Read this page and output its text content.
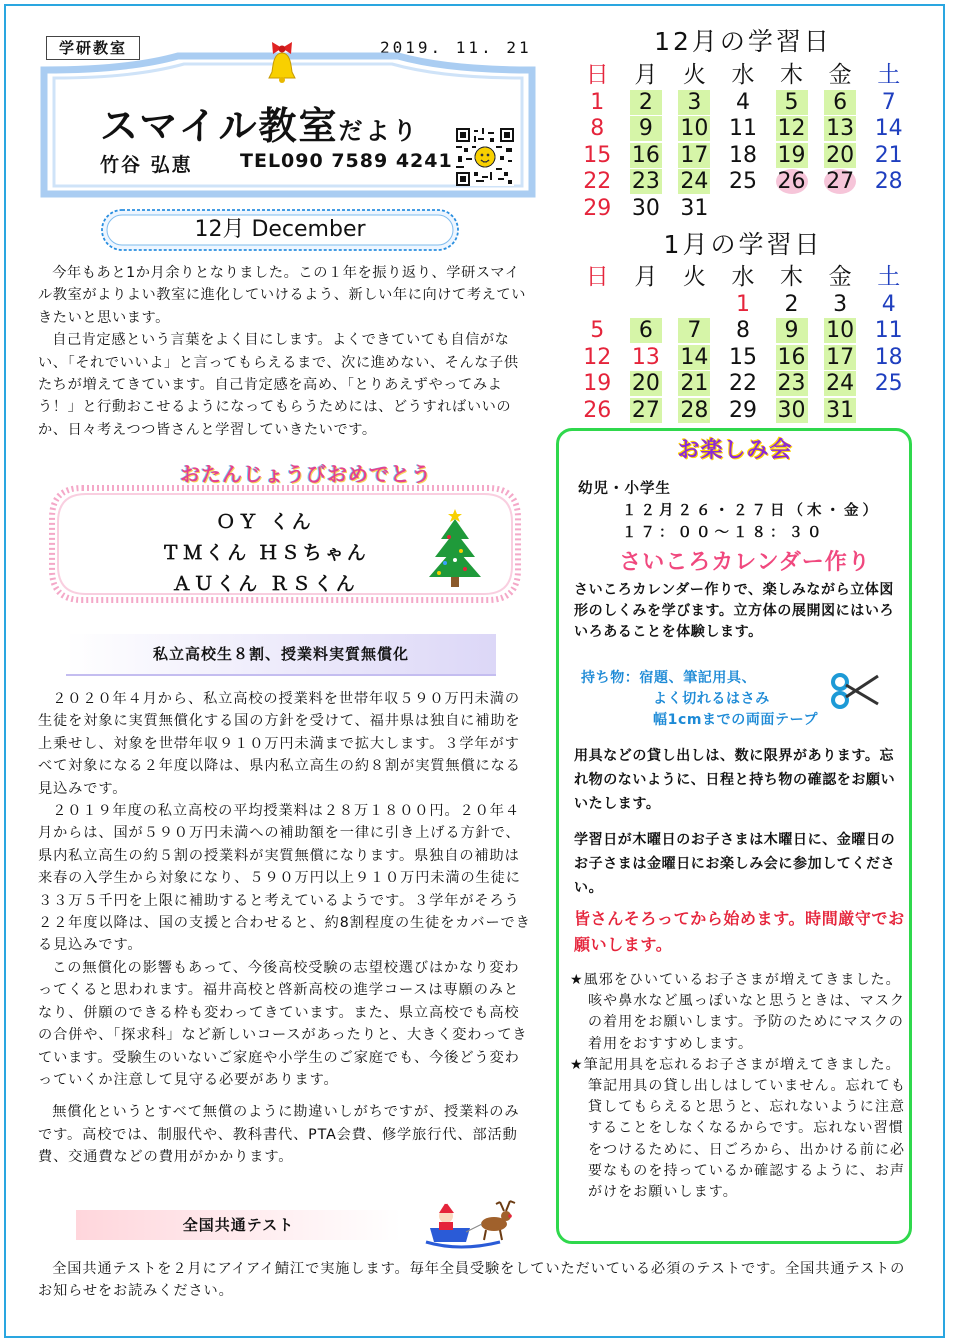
学研教室	2019. 11. 21
スマイル教室だより
竹谷 弘恵 TEL090 7589 4241
12月 December

今年もあと1か月余りとなりました。この１年を振り返り、学研スマイル教室がよりよい教室に進化していけるよう、新しい年に向けて考えていきたいと思います。

自己肯定感という言葉をよく目にします。よくできていても自信がない、「それでいいよ」と言ってもらえるまで、次に進めない、そんな子供たちが増えてきています。自己肯定感を高め、「とりあえずやってみよう！」と行動おこせるようになってもらうためには、どうすればいいのか、日々考えつつ皆さんと学習していきたいです。

おたんじょうびおめでとう
ＯＹ くん
ＴＭくん ＨＳちゃん
ＡＵくん ＲＳくん
私立高校生８割、授業料実質無償化

２０２０年４月から、私立高校の授業料を世帯年収５９０万円未満の生徒を対象に実質無償化する国の方針を受けて、福井県は独自に補助を上乗せし、対象を世帯年収９１０万円未満まで拡大します。３学年がすべて対象になる２年度以降は、県内私立高生の約８割が実質無償になる見込みです。

２０１９年度の私立高校の平均授業料は２８万１８００円。２０年４月からは、国が５９０万円未満への補助額を一律に引き上げる方針で、県内私立高生の約５割の授業料が実質無償になります。県独自の補助は来春の入学生から対象になり、５９０万円以上９１０万円未満の生徒に３３万５千円を上限に補助すると考えているようです。３学年がそろう２２年度以降は、国の支援と合わせると、約8割程度の生徒をカバーできる見込みです。

この無償化の影響もあって、今後高校受験の志望校選びはかなり変わってくると思われます。福井高校と啓新高校の進学コースは専願のみとなり、併願のできる枠も変わってきています。また、県立高校でも高校の合併や、「探求科」など新しいコースがあったりと、大きく変わってきています。受験生のいないご家庭や小学生のご家庭でも、今後どう変わっていくか注意して見守る必要があります。

無償化というとすべて無償のように勘違いしがちですが、授業料のみです。高校では、制服代や、教科書代、PTA会費、修学旅行代、部活動費、交通費などの費用がかかります。

全国共通テスト

全国共通テストを２月にアイアイ鯖江で実施します。毎年全員受験をしていただいている必須のテストです。全国共通テストのお知らせをお読みください。

12月の学習日
日	月	火	水	木	金	土
1	2	3	4	5	6	7
8	9	10	11	12	13	14
15	16	17	18	19	20	21
22	23	24	25	26	27	28
29	30	31				
1月の学習日
日	月	火	水	木	金	土
			1	2	3	4
5	6	7	8	9	10	11
12	13	14	15	16	17	18
19	20	21	22	23	24	25
26	27	28	29	30	31	
お楽しみ会
幼児・小学生
１２月２６・２７日（木・金）
１７：００～１８：３０
さいころカレンダー作り
さいころカレンダー作りで、楽しみながら立体図形のしくみを学びます。立方体の展開図にはいろいろあることを体験します。
持ち物：宿題、筆記用具、
よく切れるはさみ
幅1cmまでの両面テープ
用具などの貸し出しは、数に限界があります。忘れ物のないように、日程と持ち物の確認をお願いいたします。
学習日が木曜日のお子さまは木曜日に、金曜日のお子さまは金曜日にお楽しみ会に参加してください。
皆さんそろってから始めます。時間厳守でお願いします。

★風邪をひいているお子さまが増えてきました。咳や鼻水など風っぽいなと思うときは、マスクの着用をお願いします。予防のためにマスクの着用をおすすめします。

★筆記用具を忘れるお子さまが増えてきました。筆記用具の貸し出しはしていません。忘れても貸してもらえると思うと、忘れないように注意することをしなくなるからです。忘れない習慣をつけるために、日ごろから、出かける前に必要なものを持っているか確認するように、お声がけをお願いします。
